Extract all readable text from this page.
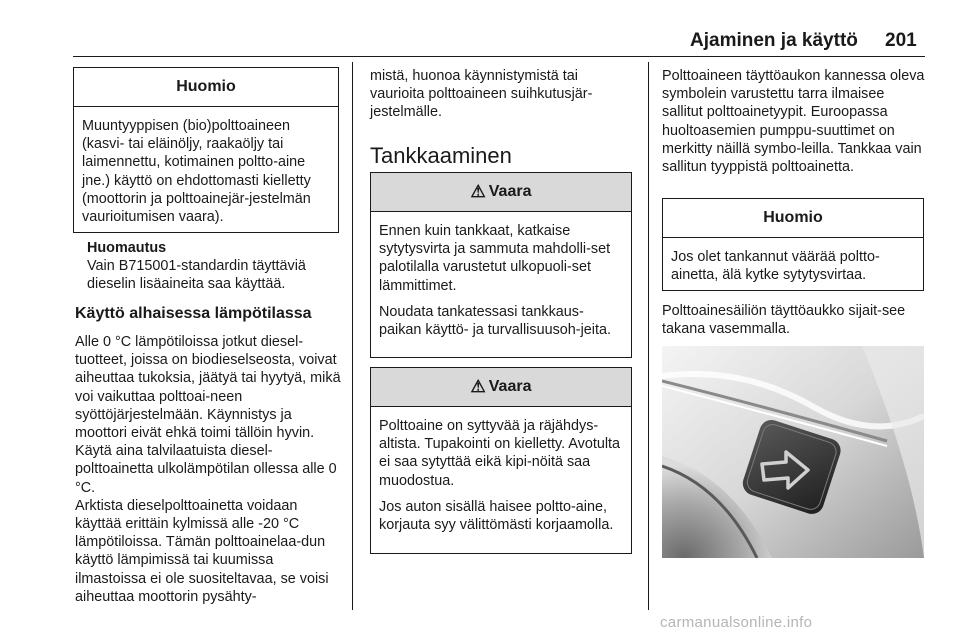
Ajaminen ja käyttö 201
Huomio

Muuntyyppisen (bio)polttoaineen (kasvi- tai eläinöljy, raakaöljy tai laimennettu, kotimainen poltto-aine jne.) käyttö on ehdottomasti kielletty (moottorin ja polttoainejär-jestelmän vaurioitumisen vaara).

Huomautus

Vain B715001-standardin täyttäviä dieselin lisäaineita saa käyttää.

Käyttö alhaisessa lämpötilassa

Alle 0 °C lämpötiloissa jotkut diesel-tuotteet, joissa on biodieselseosta, voivat aiheuttaa tukoksia, jäätyä tai hyytyä, mikä voi vaikuttaa polttoai-neen syöttöjärjestelmään. Käynnistys ja moottori eivät ehkä toimi tällöin hyvin. Käytä aina talvilaatuista diesel-polttoainetta ulkolämpötilan ollessa alle 0 °C.

Arktista dieselpolttoainetta voidaan käyttää erittäin kylmissä alle -20 °C lämpötiloissa. Tämän polttoainelaa-dun käyttö lämpimissä tai kuumissa ilmastoissa ei ole suositeltavaa, se voisi aiheuttaa moottorin pysähty-

mistä, huonoa käynnistymistä tai vaurioita polttoaineen suihkutusjär-jestelmälle.

Tankkaaminen
⚠ Vaara

Ennen kuin tankkaat, katkaise sytytysvirta ja sammuta mahdolli-set palotilalla varustetut ulkopuoli-set lämmittimet.

Noudata tankatessasi tankkaus-paikan käyttö- ja turvallisuusoh-jeita.

⚠ Vaara

Polttoaine on syttyvää ja räjähdys-altista. Tupakointi on kielletty. Avotulta ei saa sytyttää eikä kipi-nöitä saa muodostua.

Jos auton sisällä haisee poltto-aine, korjauta syy välittömästi korjaamolla.

Polttoaineen täyttöaukon kannessa oleva symbolein varustettu tarra ilmaisee sallitut polttoainetyypit. Euroopassa huoltoasemien pumppu-suuttimet on merkitty näillä symbo-leilla. Tankkaa vain sallitun tyyppistä polttoainetta.

Huomio

Jos olet tankannut väärää poltto-ainetta, älä kytke sytytysvirtaa.

Polttoainesäiliön täyttöaukko sijait-see takana vasemmalla.

carmanualsonline.info
